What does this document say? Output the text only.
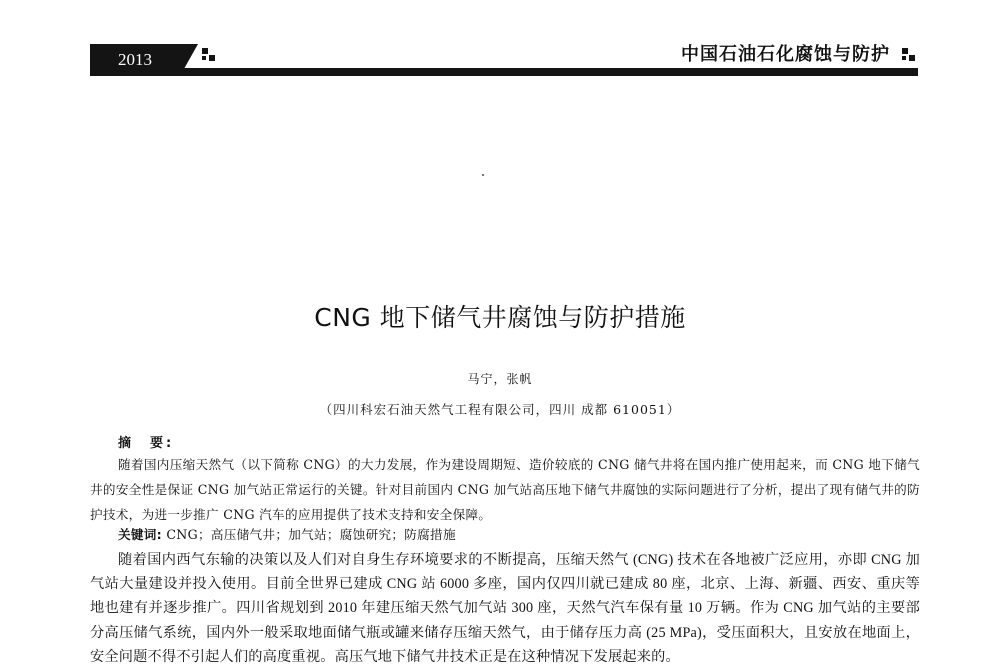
2013	中国石油石化腐蚀与防护
CNG 地下储气井腐蚀与防护措施
马宁，张帆
（四川科宏石油天然气工程有限公司，四川 成都 610051）
摘　要:
随着国内压缩天然气（以下简称 CNG）的大力发展，作为建设周期短、造价较底的 CNG 储气井将在国内推广使用起来，而 CNG 地下储气井的安全性是保证 CNG 加气站正常运行的关键。针对目前国内 CNG 加气站高压地下储气井腐蚀的实际问题进行了分析，提出了现有储气井的防护技术，为进一步推广 CNG 汽车的应用提供了技术支持和安全保障。
关键词: CNG；高压储气井；加气站；腐蚀研究；防腐措施
随着国内西气东输的决策以及人们对自身生存环境要求的不断提高，压缩天然气 (CNG) 技术在各地被广泛应用，亦即 CNG 加气站大量建设并投入使用。目前全世界已建成 CNG 站 6000 多座，国内仅四川就已建成 80 座，北京、上海、新疆、西安、重庆等地也建有并逐步推广。四川省规划到 2010 年建压缩天然气加气站 300 座，天然气汽车保有量 10 万辆。作为 CNG 加气站的主要部分高压储气系统，国内外一般采取地面储气瓶或罐来储存压缩天然气，由于储存压力高 (25 MPa)，受压面积大，且安放在地面上，安全问题不得不引起人们的高度重视。高压气地下储气井技术正是在这种情况下发展起来的。
